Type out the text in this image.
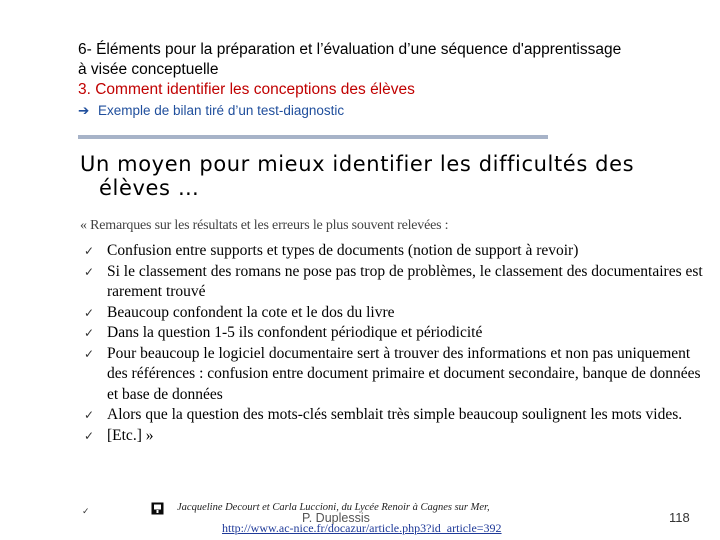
6- Éléments pour la préparation et l’évaluation d’une séquence d'apprentissage
à visée conceptuelle
3. Comment identifier les conceptions des élèves
➔ Exemple de bilan tiré d’un test-diagnostic
Un moyen pour mieux identifier les difficultés des
élèves …
« Remarques sur les résultats et les erreurs le plus souvent relevées :
✓ Confusion entre supports et types de documents (notion de support à revoir)
✓ Si le classement des romans ne pose pas trop de problèmes, le classement des documentaires est rarement trouvé
✓ Beaucoup confondent la cote et le dos du livre
✓ Dans la question 1-5 ils confondent périodique et périodicité
✓ Pour beaucoup le logiciel documentaire sert à trouver des informations et non pas uniquement des références : confusion entre document primaire et document secondaire, banque de données et base de données
✓ Alors que la question des mots-clés semblait très simple beaucoup soulignent les mots vides.
✓ [Etc.] »
✓	Jacqueline Decourt et Carla Luccioni, du Lycée Renoir à Cagnes sur Mer,
P. Duplessis
http://www.ac-nice.fr/docazur/article.php3?id_article=392
118
